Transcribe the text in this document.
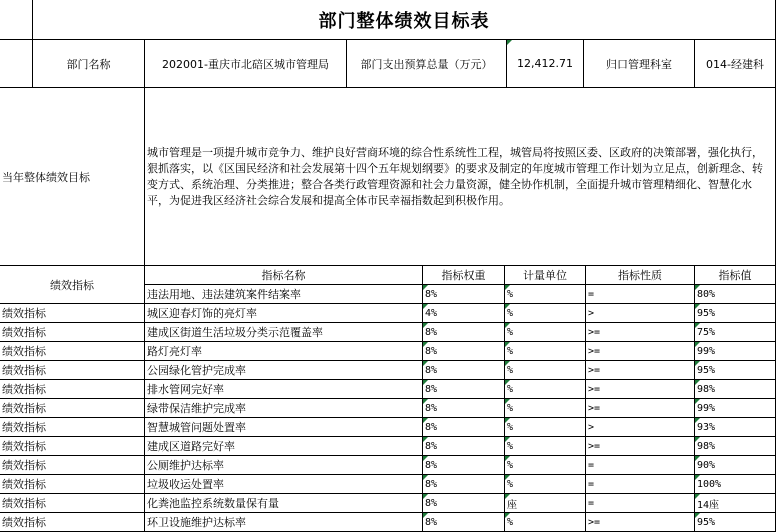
部门整体绩效目标表
部门名称	202001-重庆市北碚区城市管理局	部门支出预算总量（万元）	12,412.71	归口管理科室	014-经建科
当年整体绩效目标
城市管理是一项提升城市竞争力、维护良好营商环境的综合性系统性工程，城管局将按照区委、区政府的决策部署，强化执行，狠抓落实，以《区国民经济和社会发展第十四个五年规划纲要》的要求及制定的年度城市管理工作计划为立足点，创新理念、转变方式、系统治理、分类推进；整合各类行政管理资源和社会力量资源，健全协作机制，全面提升城市管理精细化、智慧化水平，为促进我区经济社会综合发展和提高全体市民幸福指数起到积极作用。
绩效指标
指标名称	指标权重	计量单位	指标性质	指标值
违法用地、违法建筑案件结案率	8%	%	=	80%
绩效指标	城区迎春灯饰的亮灯率	4%	%	>	95%
绩效指标	建成区街道生活垃圾分类示范覆盖率	8%	%	>=	75%
绩效指标	路灯亮灯率	8%	%	>=	99%
绩效指标	公园绿化管护完成率	8%	%	>=	95%
绩效指标	排水管网完好率	8%	%	>=	98%
绩效指标	绿带保洁维护完成率	8%	%	>=	99%
绩效指标	智慧城管问题处置率	8%	%	>	93%
绩效指标	建成区道路完好率	8%	%	>=	98%
绩效指标	公厕维护达标率	8%	%	=	90%
绩效指标	垃圾收运处置率	8%	%	=	100%
绩效指标	化粪池监控系统数量保有量	8%	座	=	14座
绩效指标	环卫设施维护达标率	8%	%	>=	95%
